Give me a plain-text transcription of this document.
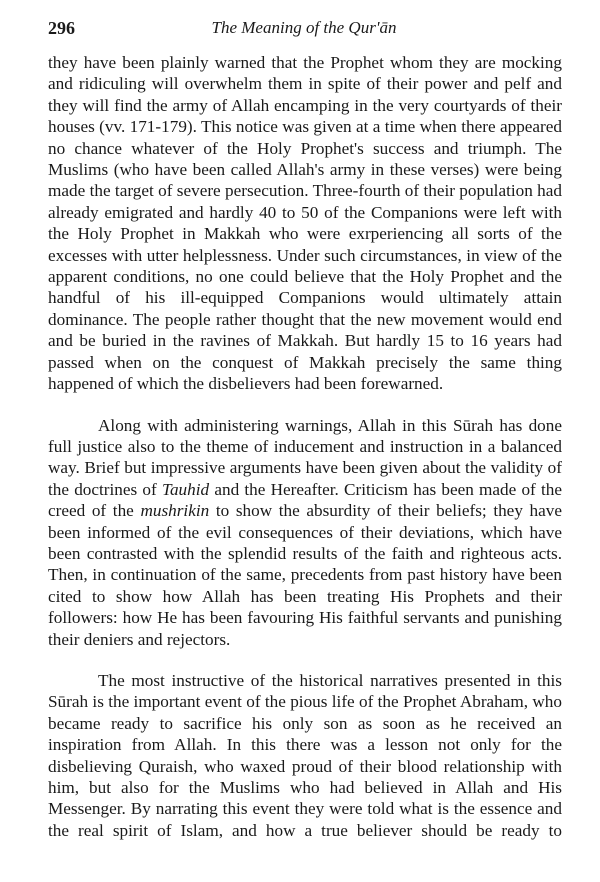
296	The Meaning of the Qur'ān

they have been plainly warned that the Prophet whom they are mocking and ridiculing will overwhelm them in spite of their power and pelf and they will find the army of Allah encamping in the very courtyards of their houses (vv. 171-179). This notice was given at a time when there appeared no chance whatever of the Holy Prophet's success and triumph. The Muslims (who have been called Allah's army in these verses) were being made the target of severe persecution. Three-fourth of their population had already emigrated and hardly 40 to 50 of the Companions were left with the Holy Prophet in Makkah who were exrperiencing all sorts of the excesses with utter helplessness. Under such circumstances, in view of the apparent conditions, no one could believe that the Holy Prophet and the handful of his ill-equipped Companions would ultimately attain dominance. The people rather thought that the new movement would end and be buried in the ravines of Makkah. But hardly 15 to 16 years had passed when on the conquest of Makkah precisely the same thing happened of which the disbelievers had been forewarned.

Along with administering warnings, Allah in this Sūrah has done full justice also to the theme of inducement and instruction in a balanced way. Brief but impressive arguments have been given about the validity of the doctrines of Tauhid and the Hereafter. Criticism has been made of the creed of the mushrikin to show the absurdity of their beliefs; they have been informed of the evil consequences of their deviations, which have been contrasted with the splendid results of the faith and righteous acts. Then, in continuation of the same, precedents from past history have been cited to show how Allah has been treating His Prophets and their followers: how He has been favouring His faithful servants and punishing their deniers and rejectors.

The most instructive of the historical narratives presented in this Sūrah is the important event of the pious life of the Prophet Abraham, who became ready to sacrifice his only son as soon as he received an inspiration from Allah. In this there was a lesson not only for the disbelieving Quraish, who waxed proud of their blood relationship with him, but also for the Muslims who had believed in Allah and His Messenger. By narrating this event they were told what is the essence and the real spirit of Islam, and how a true believer should be ready to
